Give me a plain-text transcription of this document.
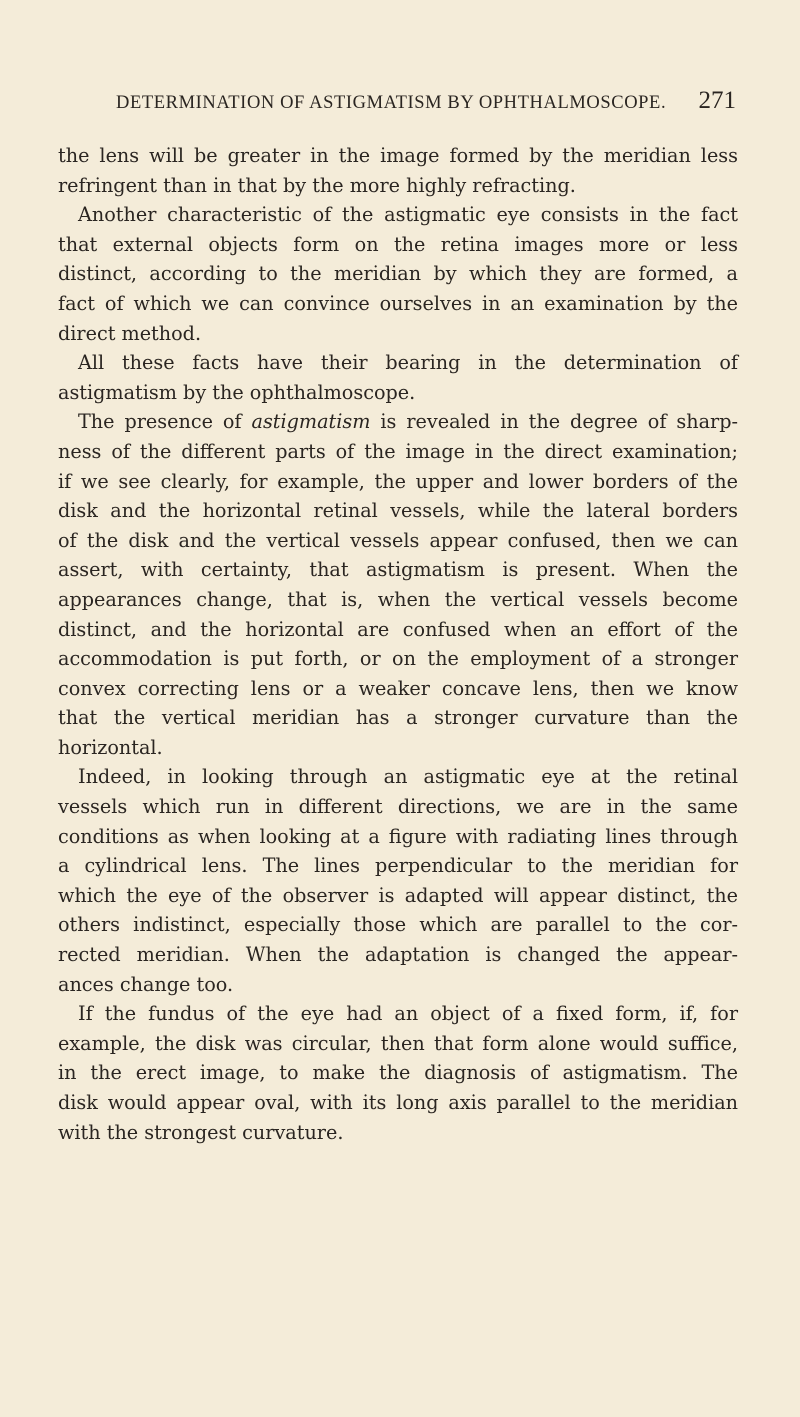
DETERMINATION OF ASTIGMATISM BY OPHTHALMOSCOPE. 271
the lens will be greater in the image formed by the meridian less
refringent than in that by the more highly refracting.
Another characteristic of the astigmatic eye consists in the fact
that external objects form on the retina images more or less
distinct, according to the meridian by which they are formed, a
fact of which we can convince ourselves in an examination by the
direct method.
All these facts have their bearing in the determination of
astigmatism by the ophthalmoscope.
The presence of astigmatism is revealed in the degree of sharp-
ness of the different parts of the image in the direct examination;
if we see clearly, for example, the upper and lower borders of the
disk and the horizontal retinal vessels, while the lateral borders
of the disk and the vertical vessels appear confused, then we can
assert, with certainty, that astigmatism is present. When the
appearances change, that is, when the vertical vessels become
distinct, and the horizontal are confused when an effort of the
accommodation is put forth, or on the employment of a stronger
convex correcting lens or a weaker concave lens, then we know
that the vertical meridian has a stronger curvature than the
horizontal.
Indeed, in looking through an astigmatic eye at the retinal
vessels which run in different directions, we are in the same
conditions as when looking at a figure with radiating lines through
a cylindrical lens. The lines perpendicular to the meridian for
which the eye of the observer is adapted will appear distinct, the
others indistinct, especially those which are parallel to the cor-
rected meridian. When the adaptation is changed the appear-
ances change too.
If the fundus of the eye had an object of a fixed form, if, for
example, the disk was circular, then that form alone would suffice,
in the erect image, to make the diagnosis of astigmatism. The
disk would appear oval, with its long axis parallel to the meridian
with the strongest curvature.
